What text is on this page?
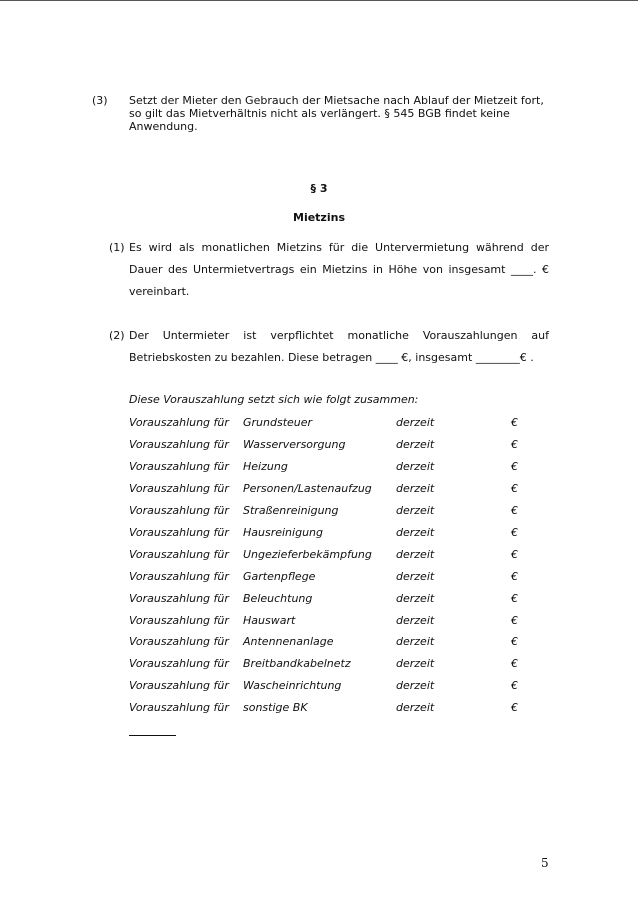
(3) Setzt der Mieter den Gebrauch der Mietsache nach Ablauf der Mietzeit fort, so gilt das Mietverhältnis nicht als verlängert. § 545 BGB findet keine Anwendung.
§ 3
Mietzins
(1) Es wird als monatlichen Mietzins für die Untervermietung während der Dauer des Untermietvertrags ein Mietzins in Höhe von insgesamt ____. € vereinbart.
(2) Der Untermieter ist verpflichtet monatliche Vorauszahlungen auf Betriebskosten zu bezahlen. Diese betragen ____ €, insgesamt ________€ .
Diese Vorauszahlung setzt sich wie folgt zusammen:
Vorauszahlung für Grundsteuer	derzeit	€
Vorauszahlung für Wasserversorgung	derzeit	€
Vorauszahlung für Heizung	derzeit	€
Vorauszahlung für Personen/Lastenaufzug derzeit	€
Vorauszahlung für Straßenreinigung	derzeit	€
Vorauszahlung für Hausreinigung	derzeit	€
Vorauszahlung für Ungezieferbekämpfung derzeit	€
Vorauszahlung für Gartenpflege	derzeit	€
Vorauszahlung für Beleuchtung	derzeit	€
Vorauszahlung für Hauswart	derzeit	€
Vorauszahlung für Antennenanlage	derzeit	€
Vorauszahlung für Breitbandkabelnetz	derzeit	€
Vorauszahlung für Wascheinrichtung	derzeit	€
Vorauszahlung für sonstige BK	derzeit	€
5
